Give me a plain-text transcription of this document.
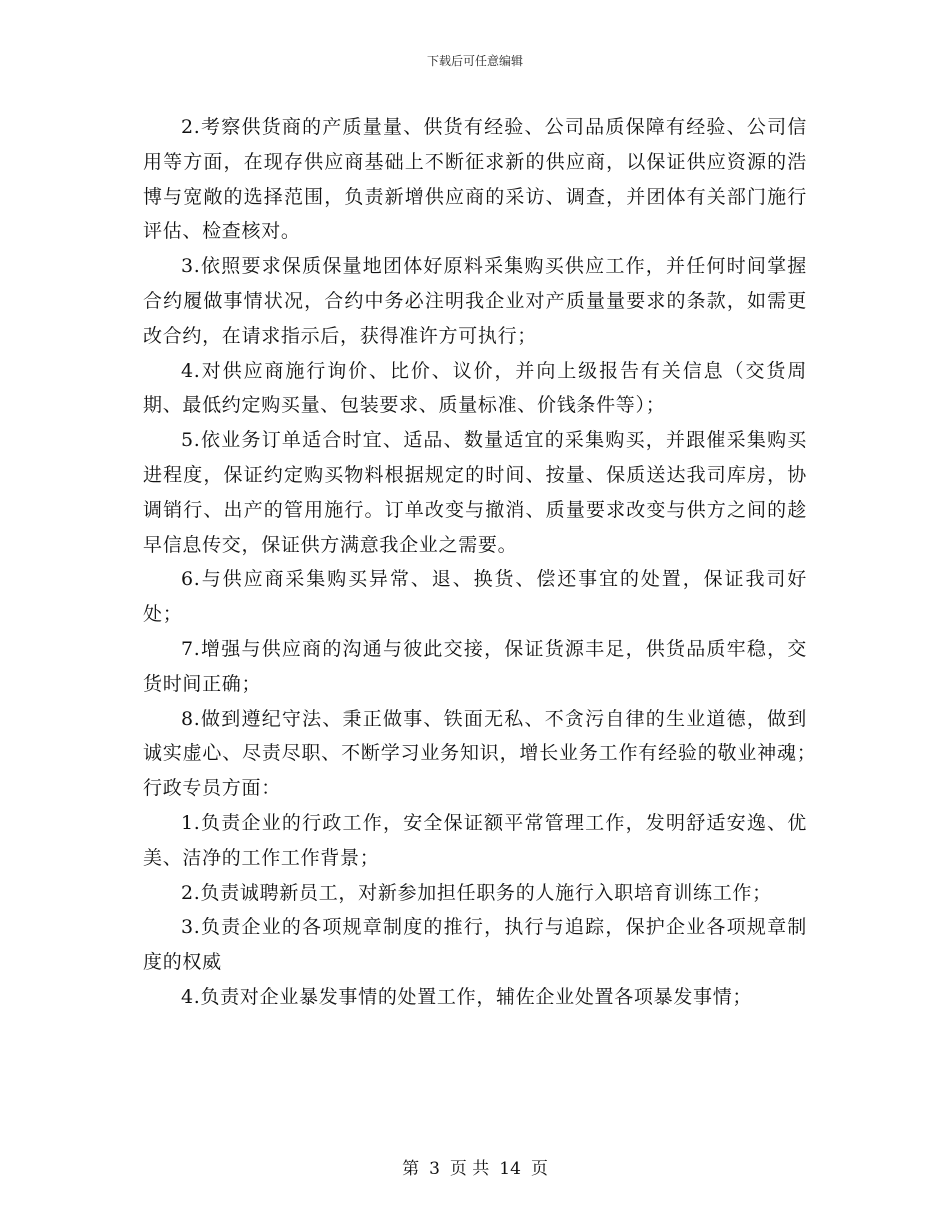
下载后可任意编辑

2.考察供货商的产质量量、供货有经验、公司品质保障有经验、公司信用等方面，在现存供应商基础上不断征求新的供应商，以保证供应资源的浩博与宽敞的选择范围，负责新增供应商的采访、调查，并团体有关部门施行评估、检查核对。

3.依照要求保质保量地团体好原料采集购买供应工作，并任何时间掌握合约履做事情状况，合约中务必注明我企业对产质量量要求的条款，如需更改合约，在请求指示后，获得准许方可执行；

4.对供应商施行询价、比价、议价，并向上级报告有关信息（交货周期、最低约定购买量、包装要求、质量标准、价钱条件等）；

5.依业务订单适合时宜、适品、数量适宜的采集购买，并跟催采集购买进程度，保证约定购买物料根据规定的时间、按量、保质送达我司库房，协调销行、出产的管用施行。订单改变与撤消、质量要求改变与供方之间的趁早信息传交，保证供方满意我企业之需要。

6.与供应商采集购买异常、退、换货、偿还事宜的处置，保证我司好处；

7.增强与供应商的沟通与彼此交接，保证货源丰足，供货品质牢稳，交货时间正确；

8.做到遵纪守法、秉正做事、铁面无私、不贪污自律的生业道德，做到诚实虚心、尽责尽职、不断学习业务知识，增长业务工作有经验的敬业神魂；　　　行政专员方面：

1.负责企业的行政工作，安全保证额平常管理工作，发明舒适安逸、优美、洁净的工作工作背景；

2.负责诚聘新员工，对新参加担任职务的人施行入职培育训练工作；

3.负责企业的各项规章制度的推行，执行与追踪，保护企业各项规章制度的权威

4.负责对企业暴发事情的处置工作，辅佐企业处置各项暴发事情；

第 3 页 共 14 页
